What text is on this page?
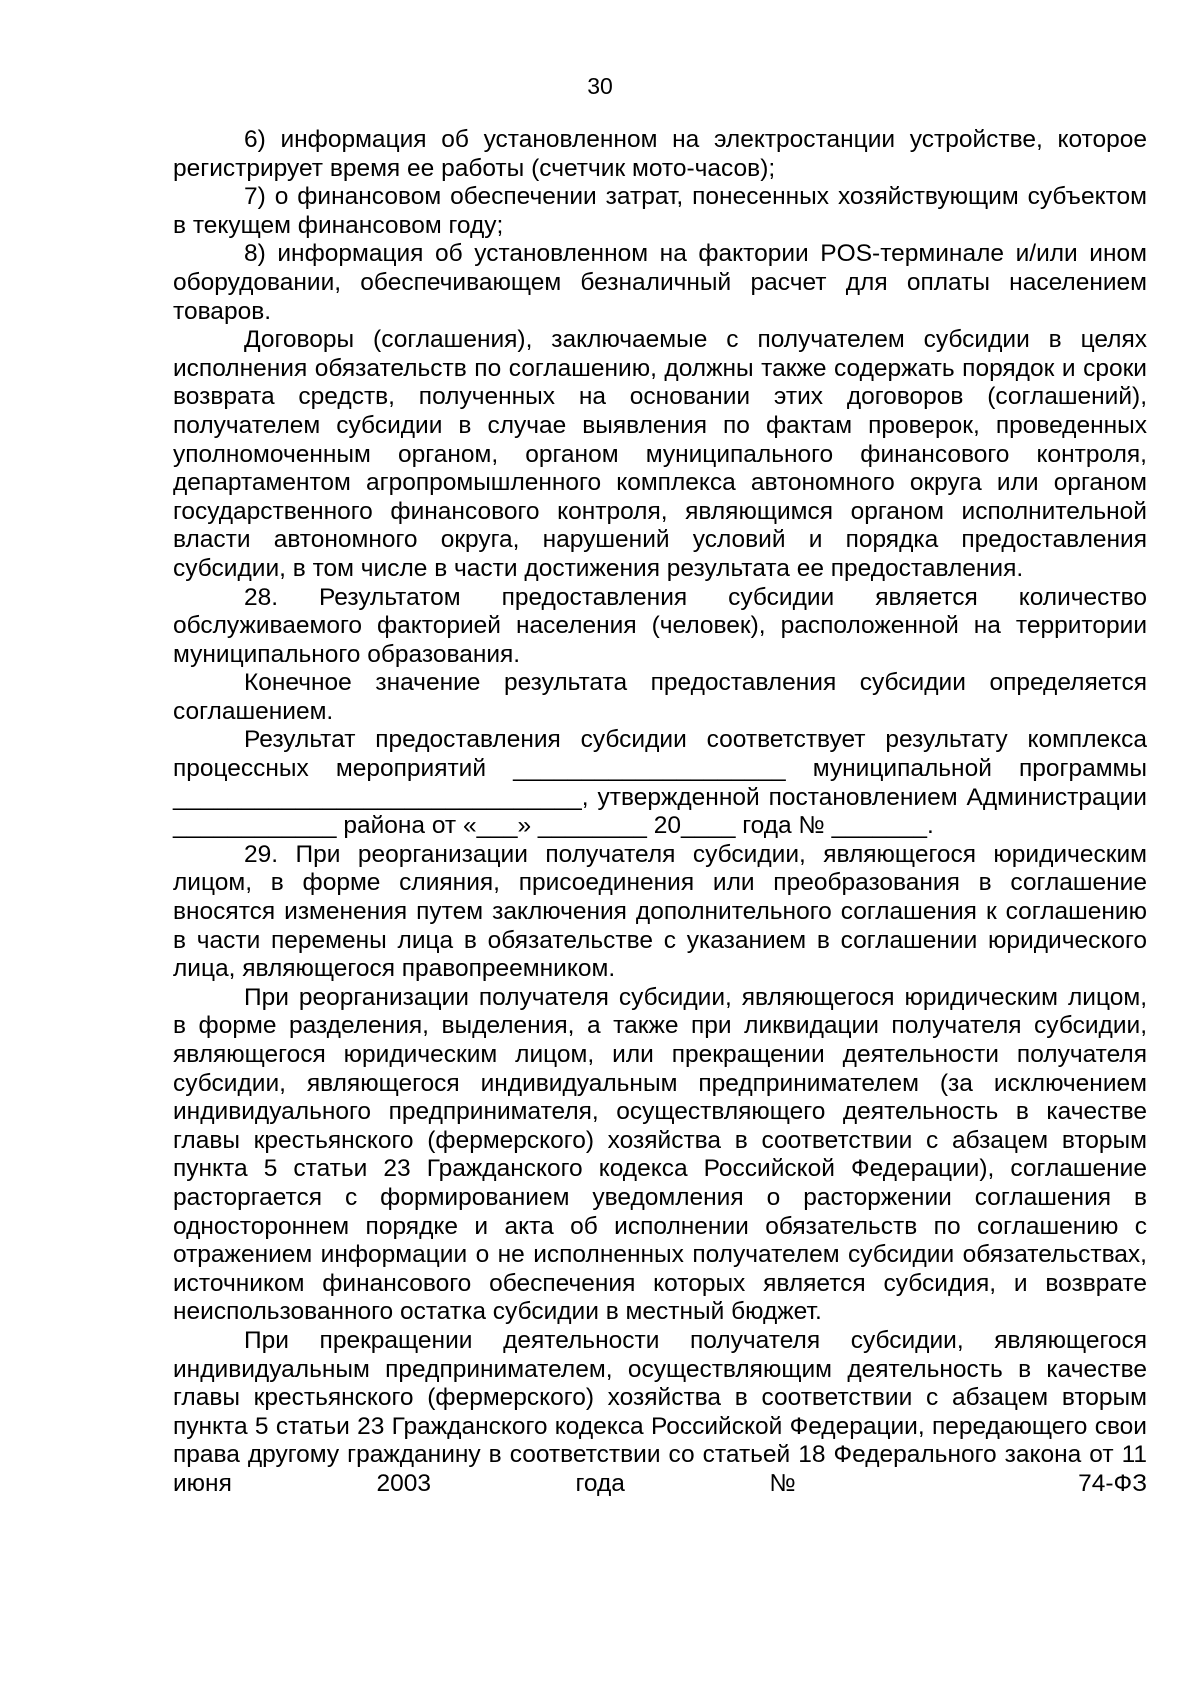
30

6) информация об установленном на электростанции устройстве, которое регистрирует время ее работы (счетчик мото-часов);

7) о финансовом обеспечении затрат, понесенных хозяйствующим субъектом в текущем финансовом году;

8) информация об установленном на фактории POS-терминале и/или ином оборудовании, обеспечивающем безналичный расчет для оплаты населением товаров.

Договоры (соглашения), заключаемые с получателем субсидии в целях исполнения обязательств по соглашению, должны также содержать порядок и сроки возврата средств, полученных на основании этих договоров (соглашений), получателем субсидии в случае выявления по фактам проверок, проведенных уполномоченным органом, органом муниципального финансового контроля, департаментом агропромышленного комплекса автономного округа или органом государственного финансового контроля, являющимся органом исполнительной власти автономного округа, нарушений условий и порядка предоставления субсидии, в том числе в части достижения результата ее предоставления.

28. Результатом предоставления субсидии является количество обслуживаемого факторией населения (человек), расположенной на территории муниципального образования.

Конечное значение результата предоставления субсидии определяется соглашением.

Результат предоставления субсидии соответствует результату комплекса процессных мероприятий ____________________ муниципальной программы ______________________________, утвержденной постановлением Администрации ____________ района от «___» ________ 20____ года № _______.

29. При реорганизации получателя субсидии, являющегося юридическим лицом, в форме слияния, присоединения или преобразования в соглашение вносятся изменения путем заключения дополнительного соглашения к соглашению в части перемены лица в обязательстве с указанием в соглашении юридического лица, являющегося правопреемником.

При реорганизации получателя субсидии, являющегося юридическим лицом, в форме разделения, выделения, а также при ликвидации получателя субсидии, являющегося юридическим лицом, или прекращении деятельности получателя субсидии, являющегося индивидуальным предпринимателем (за исключением индивидуального предпринимателя, осуществляющего деятельность в качестве главы крестьянского (фермерского) хозяйства в соответствии с абзацем вторым пункта 5 статьи 23 Гражданского кодекса Российской Федерации), соглашение расторгается с формированием уведомления о расторжении соглашения в одностороннем порядке и акта об исполнении обязательств по соглашению с отражением информации о не исполненных получателем субсидии обязательствах, источником финансового обеспечения которых является субсидия, и возврате неиспользованного остатка субсидии в местный бюджет.

При прекращении деятельности получателя субсидии, являющегося индивидуальным предпринимателем, осуществляющим деятельность в качестве главы крестьянского (фермерского) хозяйства в соответствии с абзацем вторым пункта 5 статьи 23 Гражданского кодекса Российской Федерации, передающего свои права другому гражданину в соответствии со статьей 18 Федерального закона от 11 июня 2003 года № 74-ФЗ
